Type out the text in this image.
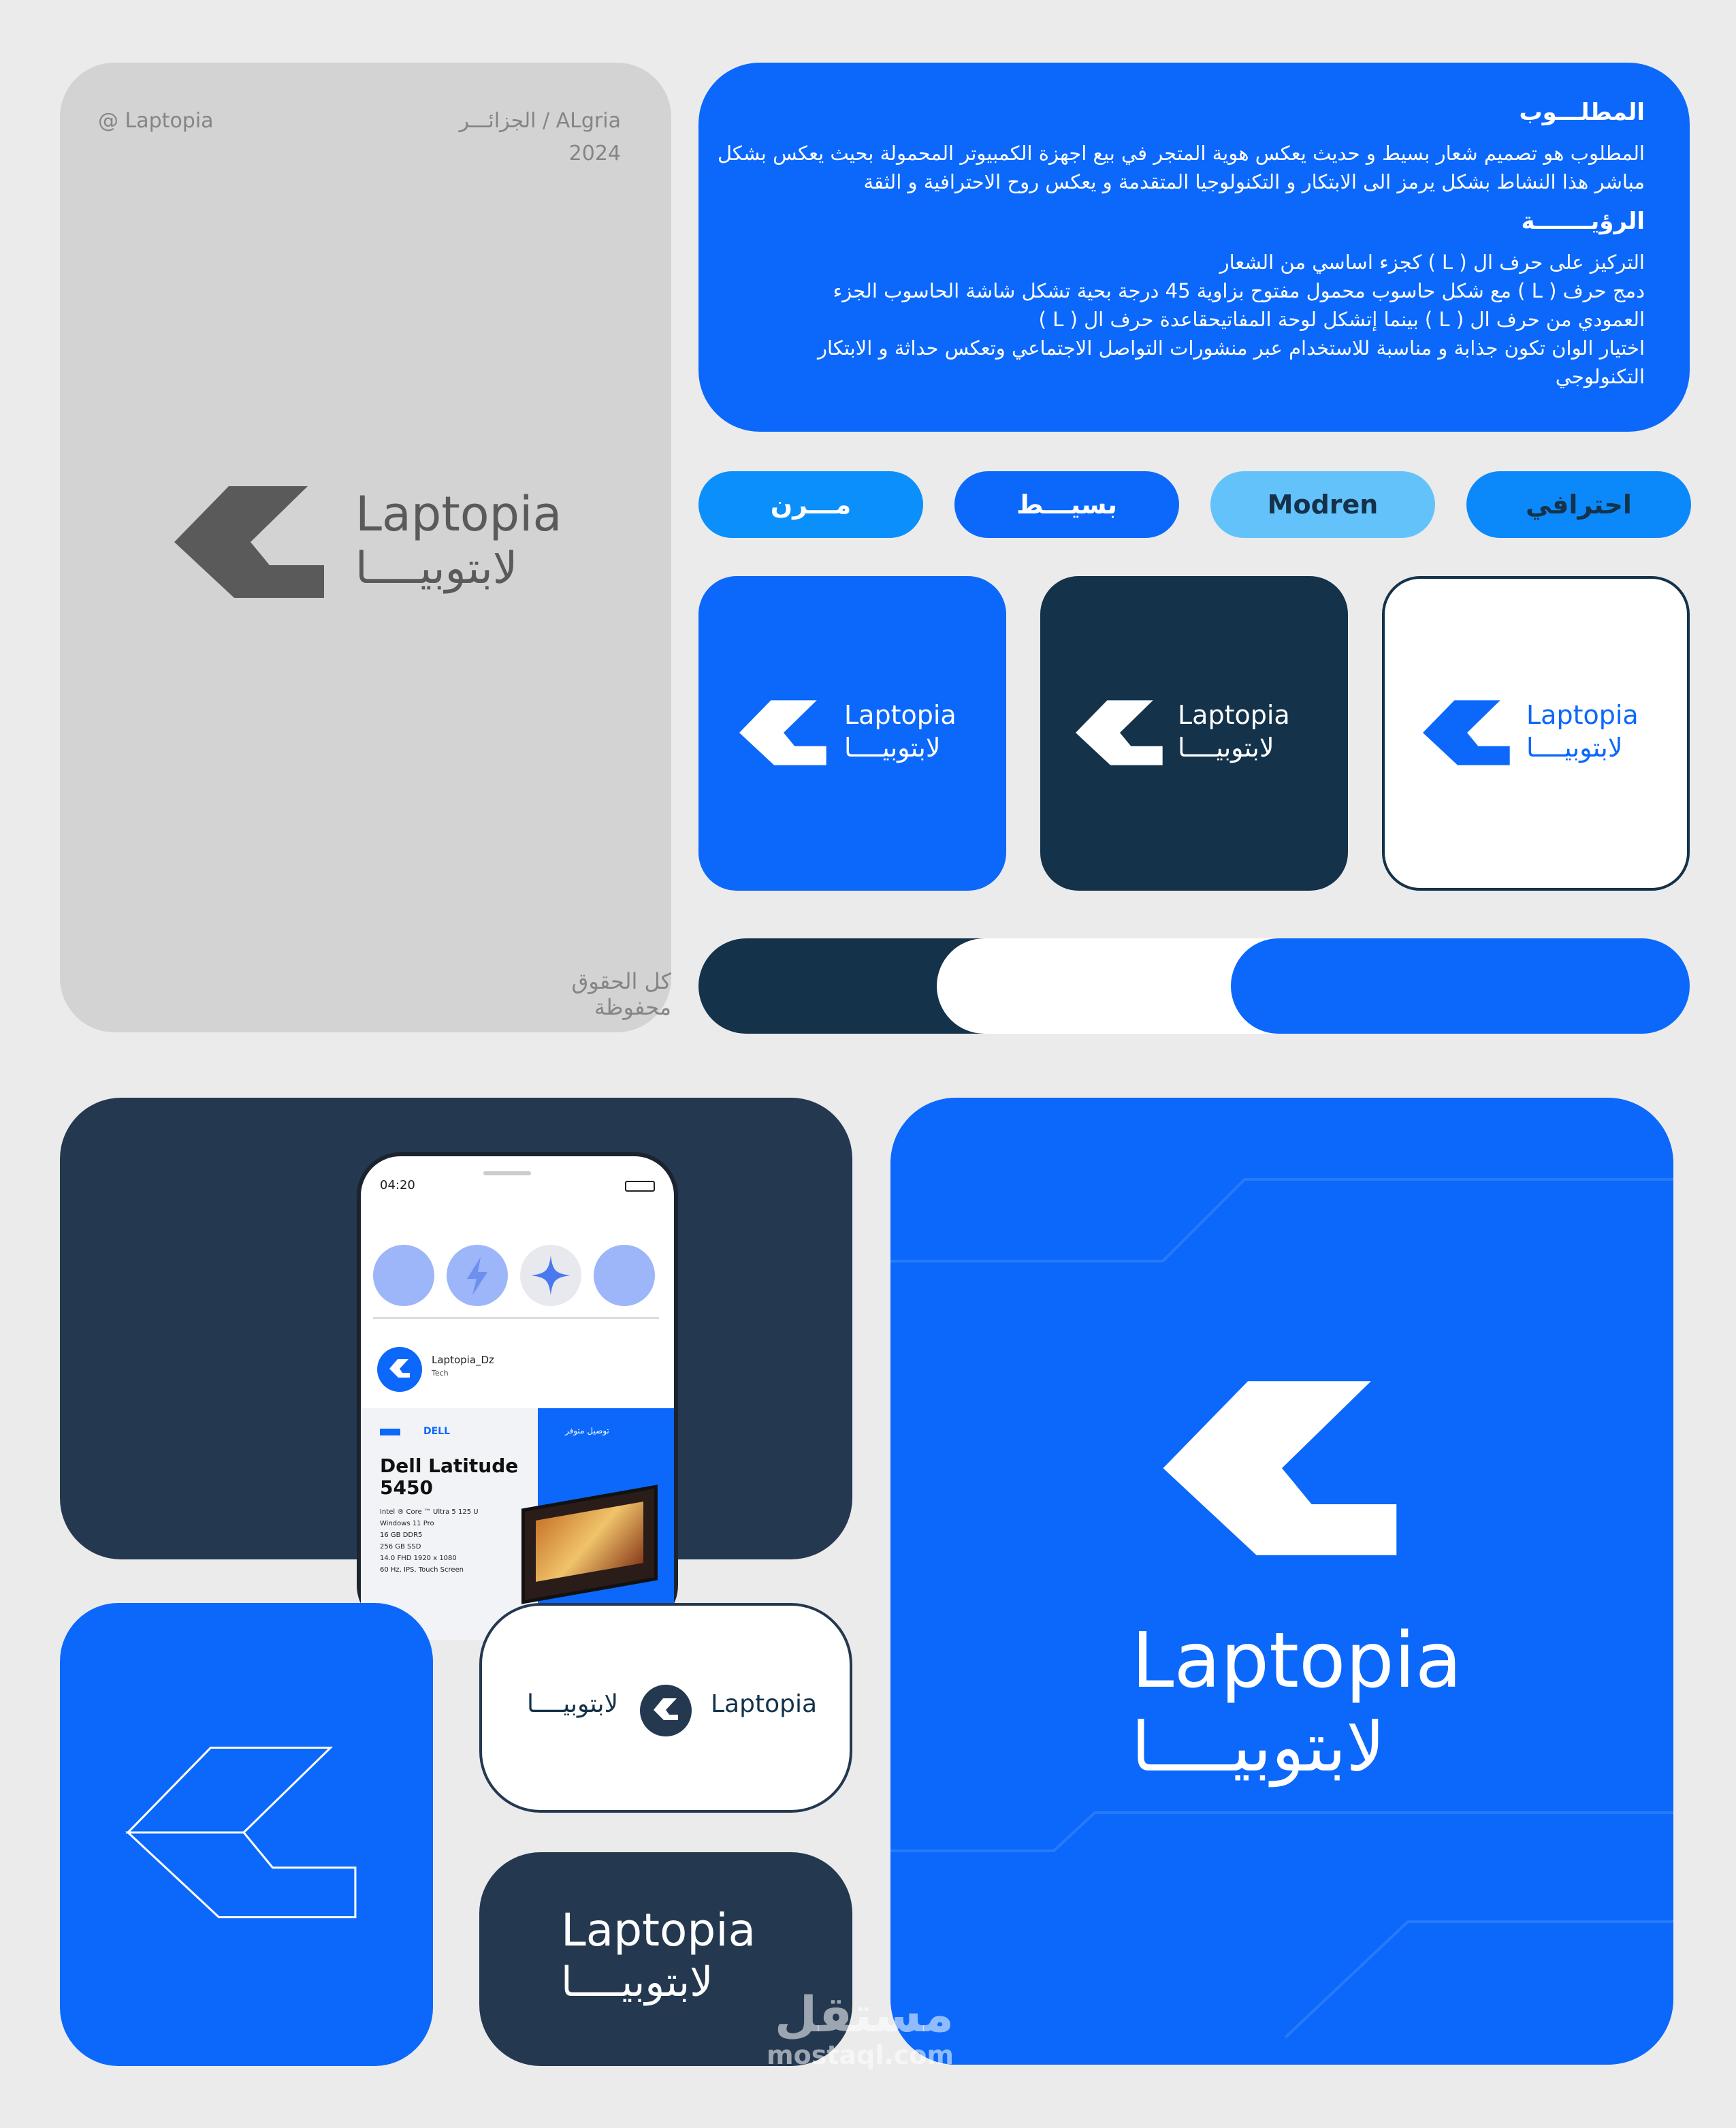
@ Laptopia	ALgria / الجزائـــر
2024
Laptopia
لابتوبيــــا
كل الحقوق محفوظة
المطلـــوب
المطلوب هو تصميم شعار بسيط و حديث يعكس هوية المتجر في بيع اجهزة الكمبيوتر المحمولة بحيث يعكس بشكل
مباشر هذا النشاط بشكل يرمز الى الابتكار و التكنولوجيا المتقدمة و يعكس روح الاحترافية و الثقة
الرؤيـــــــة
التركيز على حرف ال ( L ) كجزء اساسي من الشعار
دمج حرف ( L ) مع شكل حاسوب محمول مفتوح بزاوية 45 درجة بحية تشكل شاشة الحاسوب الجزء
العمودي من حرف ال ( L ) بينما إتشكل لوحة المفاتيحقاعدة حرف ال ( L )
اختيار الوان تكون جذابة و مناسبة للاستخدام عبر منشورات التواصل الاجتماعي وتعكس حداثة و الابتكار
التكنولوجي
مـــرن	بسيـــط	Modren	احترافي
Laptopia
لابتوبيــــا
Laptopia
لابتوبيــــا
Laptopia
لابتوبيــــا
04:20
Laptopia_Dz
Tech
DELL	توصيل متوفر
Dell Latitude
5450
Intel ® Core ™ Ultra 5 125 U
Windows 11 Pro
16 GB DDR5
256 GB SSD
14.0 FHD 1920 x 1080
60 Hz, IPS, Touch Screen
Laptopia
لابتوبيــــا
لابتوبيــــا	Laptopia
Laptopia
لابتوبيــــا
مستقل
mostaql.com
